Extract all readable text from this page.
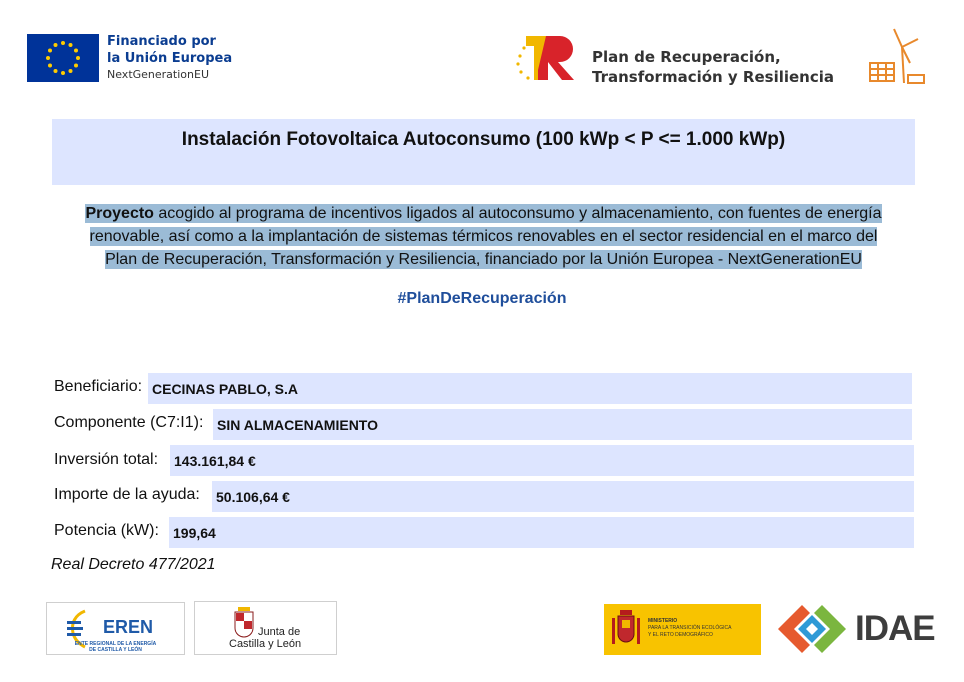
Financiado por
la Unión Europea
NextGenerationEU
Plan de Recuperación,
Transformación y Resiliencia
Instalación Fotovoltaica Autoconsumo (100 kWp < P <= 1.000 kWp)
Proyecto acogido al programa de incentivos ligados al autoconsumo y almacenamiento, con fuentes de energía
renovable, así como a la implantación de sistemas térmicos renovables en el sector residencial en el marco del
Plan de Recuperación, Transformación y Resiliencia, financiado por la Unión Europea - NextGenerationEU
#PlanDeRecuperación
Beneficiario: CECINAS PABLO, S.A
Componente (C7:I1): SIN ALMACENAMIENTO
Inversión total: 143.161,84 €
Importe de la ayuda: 50.106,64 €
Potencia (kW): 199,64
Real Decreto 477/2021
EREN
ENTE REGIONAL DE LA ENERGÍA
DE CASTILLA Y LEÓN
Junta de
Castilla y León
MINISTERIO
PARA LA TRANSICIÓN ECOLÓGICA
Y EL RETO DEMOGRÁFICO	IDAE
